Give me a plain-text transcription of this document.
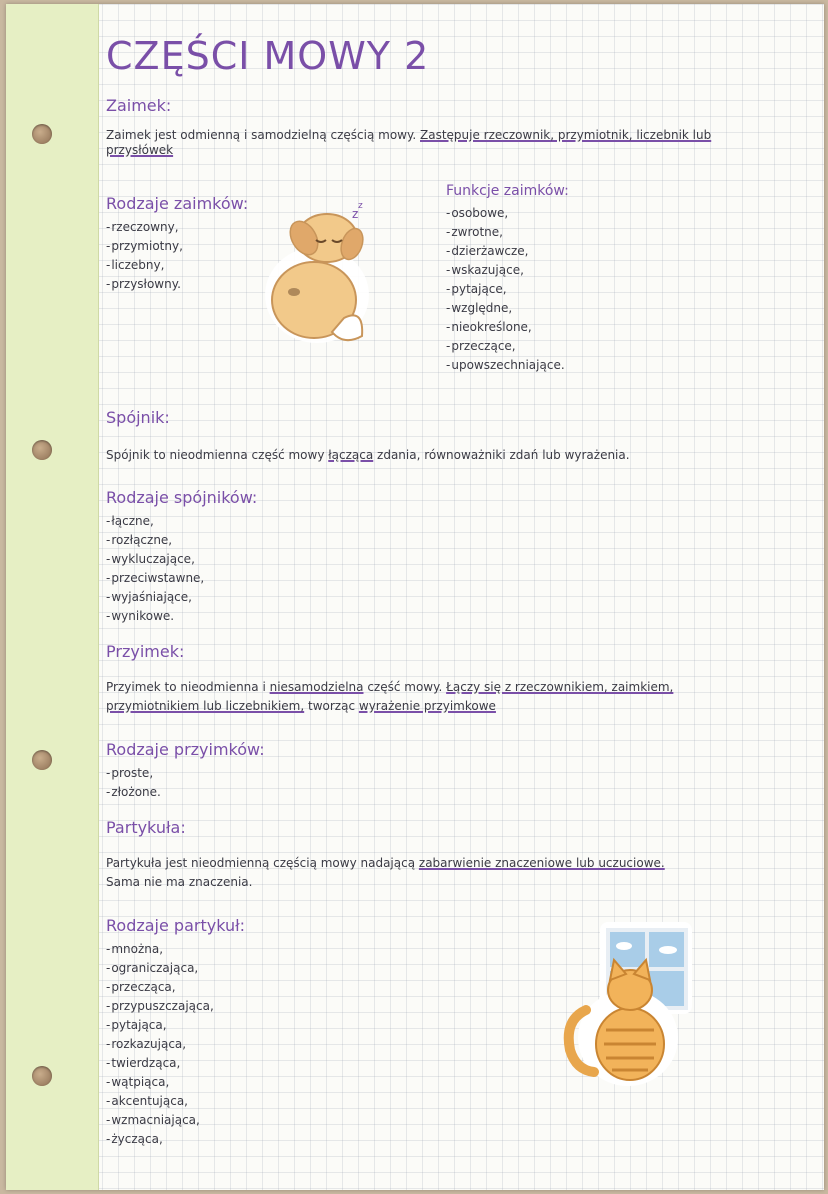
CZĘŚCI MOWY 2
Zaimek:
Zaimek jest odmienną i samodzielną częścią mowy. Zastępuje rzeczownik, przymiotnik, liczebnik lub przysłówek
Rodzaje zaimków:
- rzeczowny,
- przymiotny,
- liczebny,
- przysłowny.
Funkcje zaimków:
- osobowe,
- zwrotne,
- dzierżawcze,
- wskazujące,
- pytające,
- względne,
- nieokreślone,
- przeczące,
- upowszechniające.
z
z
Spójnik:
Spójnik to nieodmienna część mowy łącząca zdania, równoważniki zdań lub wyrażenia.
Rodzaje spójników:
- łączne,
- rozłączne,
- wykluczające,
- przeciwstawne,
- wyjaśniające,
- wynikowe.
Przyimek:
Przyimek to nieodmienna i niesamodzielna część mowy. Łączy się z rzeczownikiem, zaimkiem, przymiotnikiem lub liczebnikiem, tworząc wyrażenie przyimkowe
Rodzaje przyimków:
- proste,
- złożone.
Partykuła:
Partykuła jest nieodmienną częścią mowy nadającą zabarwienie znaczeniowe lub uczuciowe.
Sama nie ma znaczenia.
Rodzaje partykuł:
- mnożna,
- ograniczająca,
- przecząca,
- przypuszczająca,
- pytająca,
- rozkazująca,
- twierdząca,
- wątpiąca,
- akcentująca,
- wzmacniająca,
- życząca,
